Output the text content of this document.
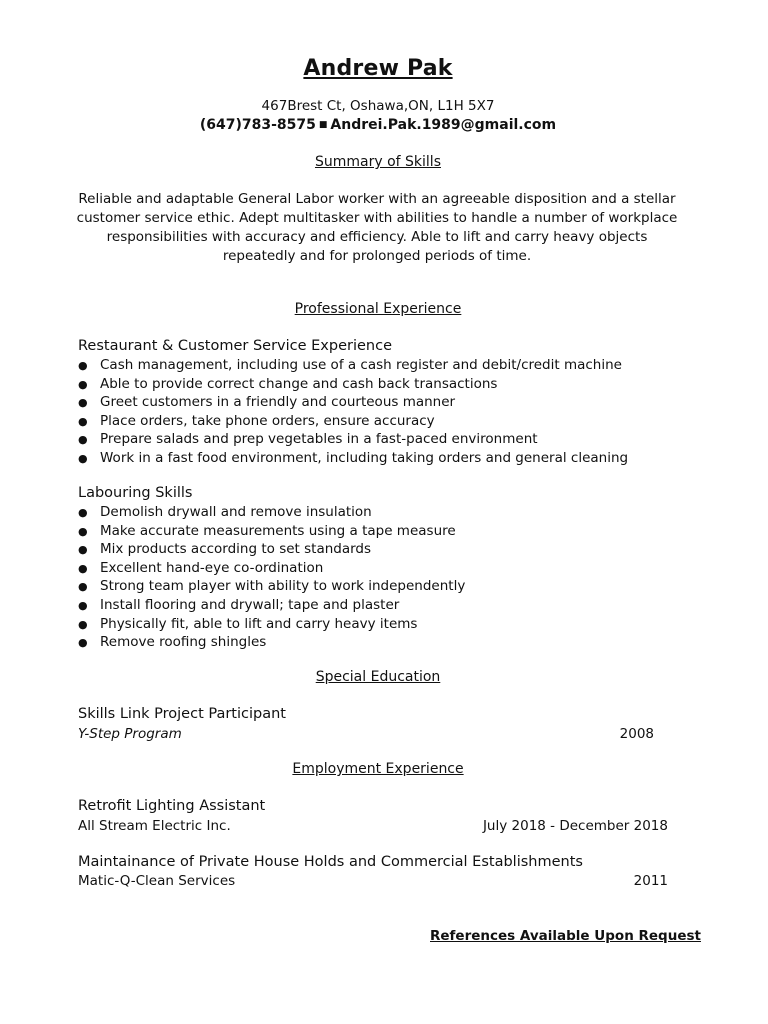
Andrew Pak
467Brest Ct, Oshawa,ON, L1H 5X7
(647)783-8575 ■ Andrei.Pak.1989@gmail.com
Summary of Skills
Reliable and adaptable General Labor worker with an agreeable disposition and a stellar
customer service ethic. Adept multitasker with abilities to handle a number of workplace
responsibilities with accuracy and efficiency. Able to lift and carry heavy objects
repeatedly and for prolonged periods of time.
Professional Experience
Restaurant & Customer Service Experience
● Cash management, including use of a cash register and debit/credit machine
● Able to provide correct change and cash back transactions
● Greet customers in a friendly and courteous manner
● Place orders, take phone orders, ensure accuracy
● Prepare salads and prep vegetables in a fast-paced environment
● Work in a fast food environment, including taking orders and general cleaning
Labouring Skills
● Demolish drywall and remove insulation
● Make accurate measurements using a tape measure
● Mix products according to set standards
● Excellent hand-eye co-ordination
● Strong team player with ability to work independently
● Install flooring and drywall; tape and plaster
● Physically fit, able to lift and carry heavy items
● Remove roofing shingles
Special Education
Skills Link Project Participant
Y-Step Program	2008
Employment Experience
Retrofit Lighting Assistant
All Stream Electric Inc.	July 2018 - December 2018
Maintainance of Private House Holds and Commercial Establishments
Matic-Q-Clean Services	2011
References Available Upon Request
